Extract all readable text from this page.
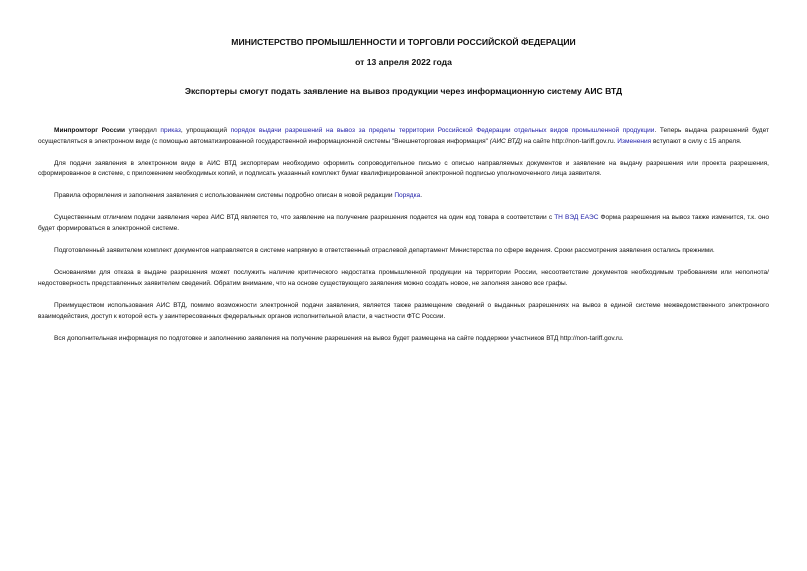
МИНИСТЕРСТВО ПРОМЫШЛЕННОСТИ И ТОРГОВЛИ РОССИЙСКОЙ ФЕДЕРАЦИИ
от 13 апреля 2022 года
Экспортеры смогут подать заявление на вывоз продукции через информационную систему АИС ВТД

Минпромторг России утвердил приказ, упрощающий порядок выдачи разрешений на вывоз за пределы территории Российской Федерации отдельных видов промышленной продукции. Теперь выдача разрешений будет осуществляться в электронном виде (с помощью автоматизированной государственной информационной системы "Внешнеторговая информация" (АИС ВТД) на сайте http://non-tariff.gov.ru. Изменения вступают в силу с 15 апреля.

Для подачи заявления в электронном виде в АИС ВТД экспортерам необходимо оформить сопроводительное письмо с описью направляемых документов и заявление на выдачу разрешения или проекта разрешения, сформированное в системе, с приложением необходимых копий, и подписать указанный комплект бумаг квалифицированной электронной подписью уполномоченного лица заявителя.

Правила оформления и заполнения заявления с использованием системы подробно описан в новой редакции Порядка.

Существенным отличием подачи заявления через АИС ВТД является то, что заявление на получение разрешения подается на один код товара в соответствии с ТН ВЭД ЕАЭС Форма разрешения на вывоз также изменится, т.к. оно будет формироваться в электронной системе.

Подготовленный заявителем комплект документов направляется в системе напрямую в ответственный отраслевой департамент Министерства по сфере ведения. Сроки рассмотрения заявления остались прежними.

Основаниями для отказа в выдаче разрешения может послужить наличие критического недостатка промышленной продукции на территории России, несоответствие документов необходимым требованиям или неполнота/недостоверность представленных заявителем сведений. Обратим внимание, что на основе существующего заявления можно создать новое, не заполняя заново все графы.

Преимуществом использования АИС ВТД, помимо возможности электронной подачи заявления, является также размещение сведений о выданных разрешениях на вывоз в единой системе межведомственного электронного взаимодействия, доступ к которой есть у заинтересованных федеральных органов исполнительной власти, в частности ФТС России.

Вся дополнительная информация по подготовке и заполнению заявления на получение разрешения на вывоз будет размещена на сайте поддержки участников ВТД http://non-tariff.gov.ru.
